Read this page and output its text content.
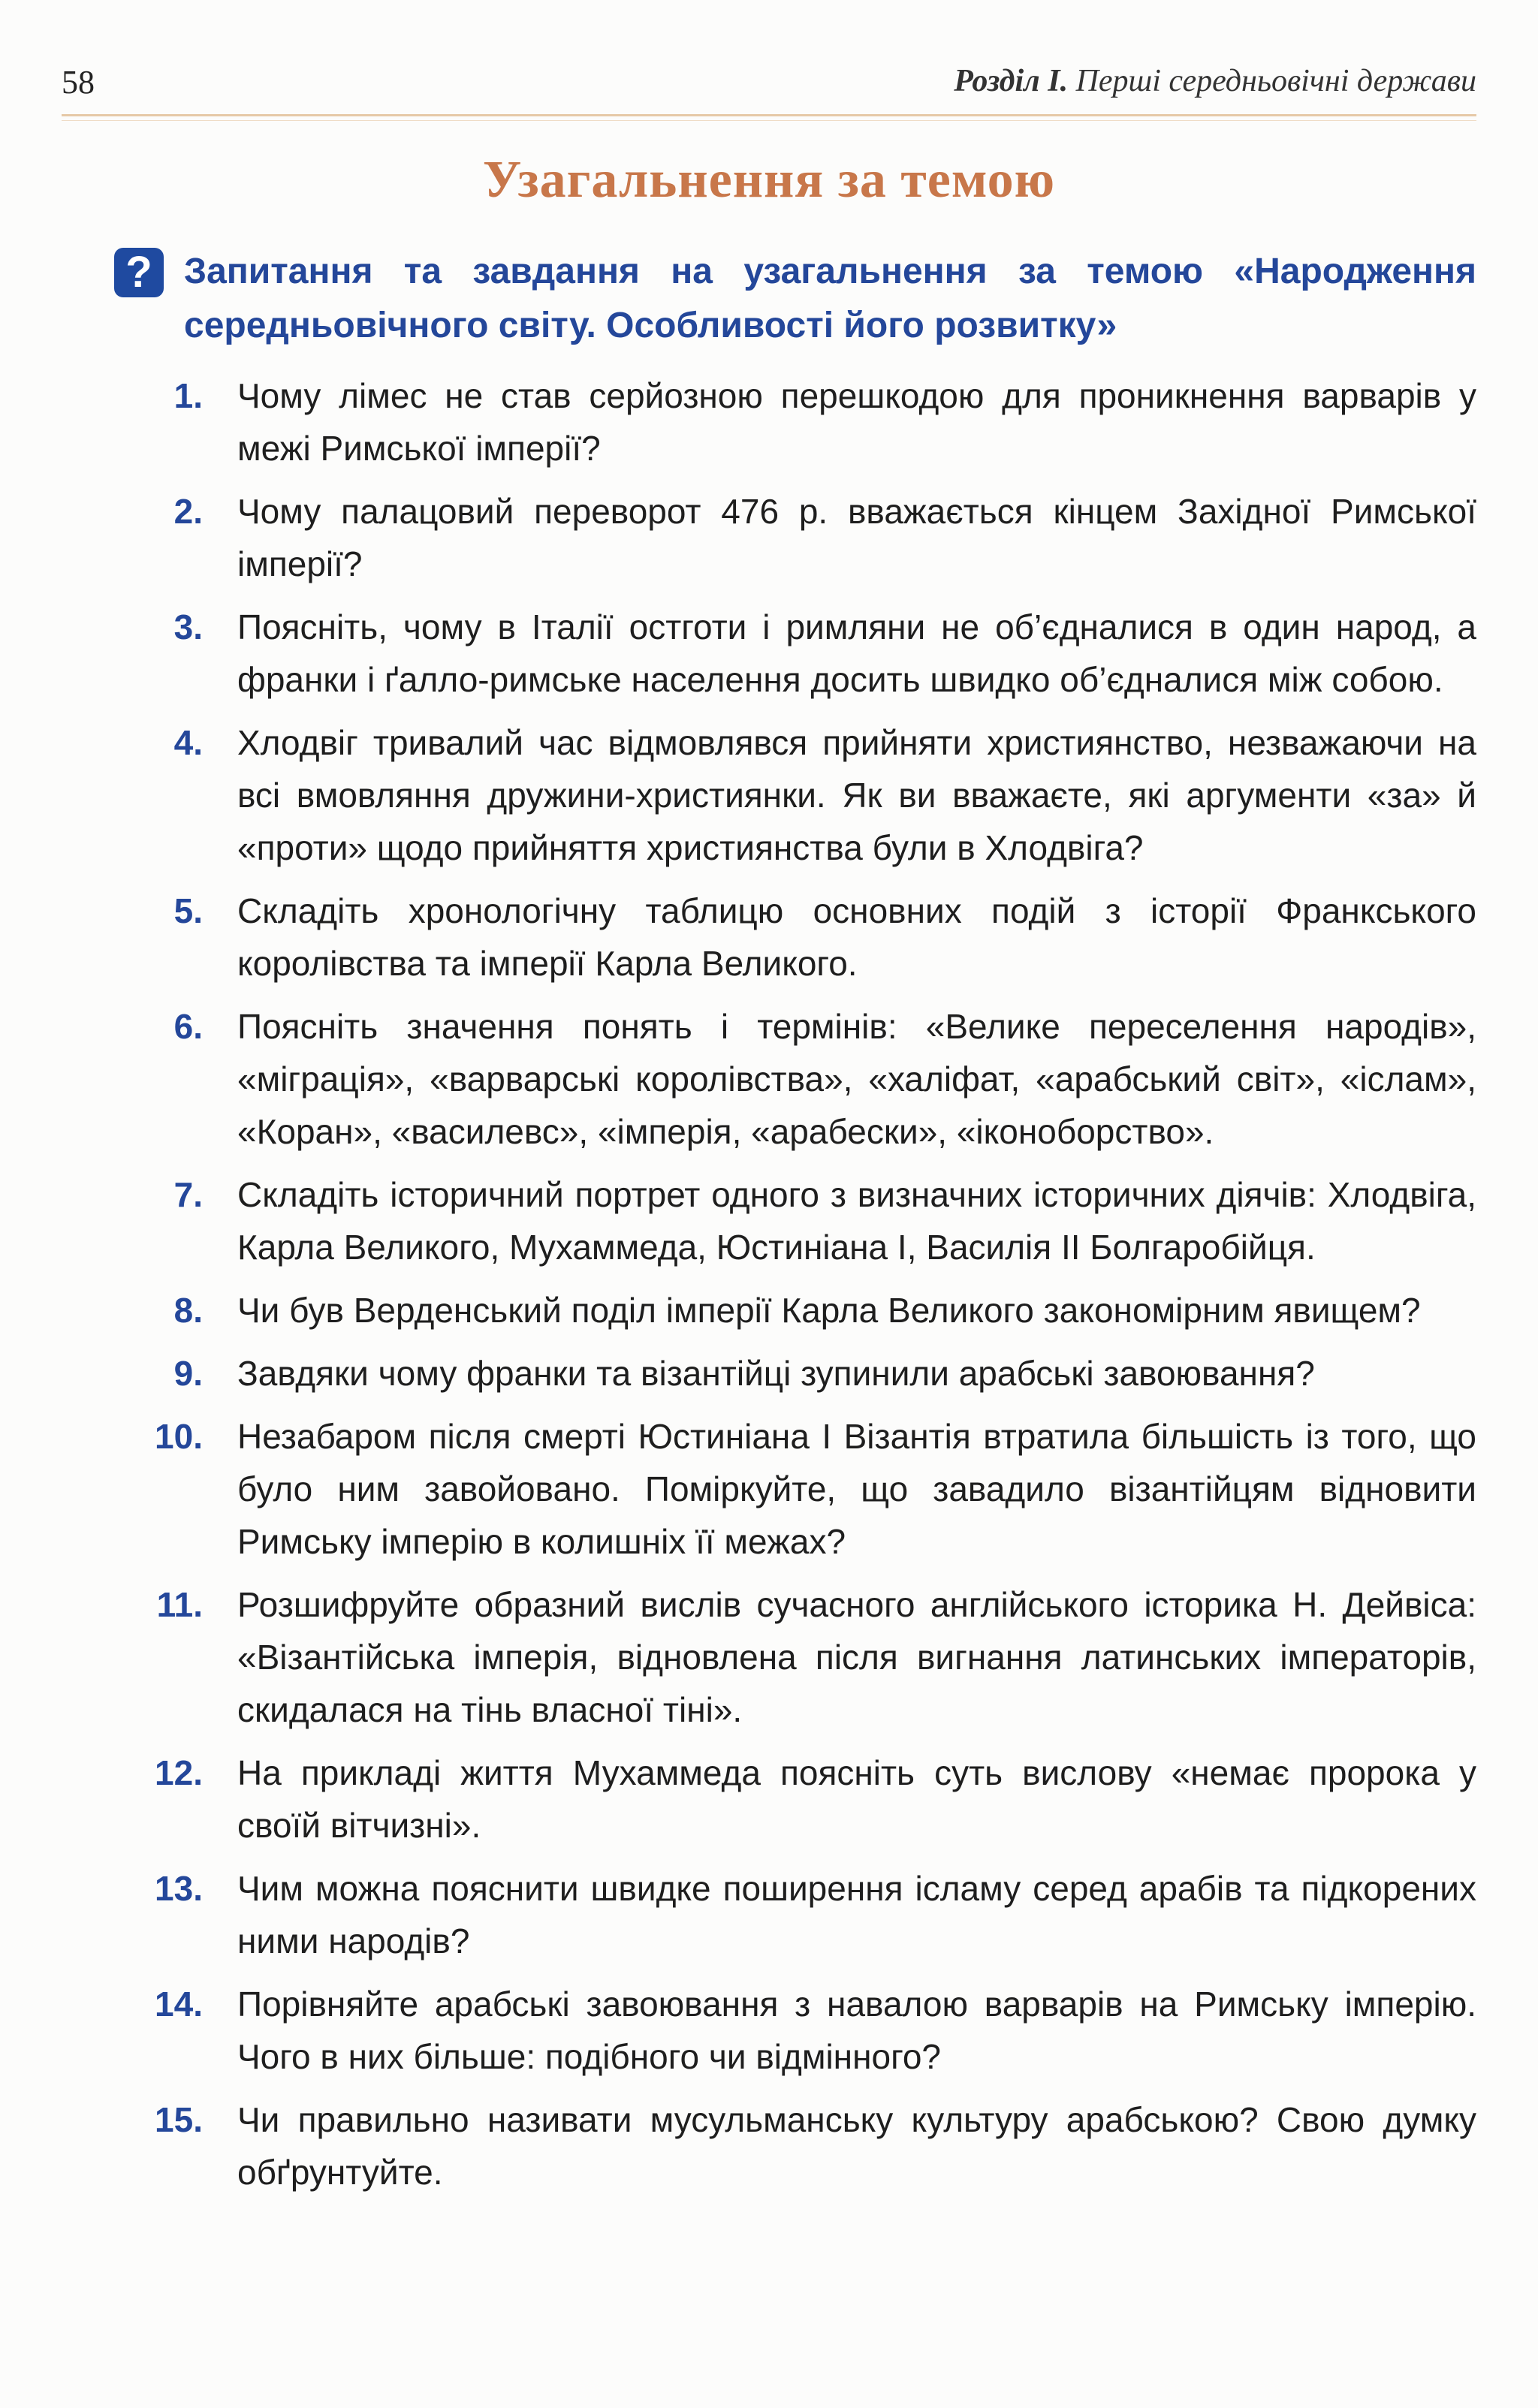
58	Розділ І. Перші середньовічні держави
Узагальнення за темою
? Запитання та завдання на узагальнення за темою «Народження середньовічного світу. Особливості його розвитку»
1. Чому лімес не став серйозною перешкодою для проникнення варварів у межі Римської імперії?
2. Чому палацовий переворот 476 р. вважається кінцем Західної Римської імперії?
3. Поясніть, чому в Італії остготи і римляни не об’єдналися в один народ, а франки і ґалло-римське населення досить швидко об’єдналися між собою.
4. Хлодвіг тривалий час відмовлявся прийняти християнство, незважаючи на всі вмовляння дружини-християнки. Як ви вважаєте, які аргументи «за» й «проти» щодо прийняття християнства були в Хлодвіга?
5. Складіть хронологічну таблицю основних подій з історії Франкського королівства та імперії Карла Великого.
6. Поясніть значення понять і термінів: «Велике переселення народів», «міграція», «варварські королівства», «халіфат, «арабський світ», «іслам», «Коран», «василевс», «імперія, «арабески», «іконоборство».
7. Складіть історичний портрет одного з визначних історичних діячів: Хлодвіга, Карла Великого, Мухаммеда, Юстиніана І, Василія ІІ Болгаробійця.
8. Чи був Верденський поділ імперії Карла Великого закономірним явищем?
9. Завдяки чому франки та візантійці зупинили арабські завоювання?
10. Незабаром після смерті Юстиніана І Візантія втратила більшість із того, що було ним завойовано. Поміркуйте, що завадило візантійцям відновити Римську імперію в колишніх її межах?
11. Розшифруйте образний вислів сучасного англійського історика Н. Дейвіса: «Візантійська імперія, відновлена після вигнання латинських імператорів, скидалася на тінь власної тіні».
12. На прикладі життя Мухаммеда поясніть суть вислову «немає пророка у своїй вітчизні».
13. Чим можна пояснити швидке поширення ісламу серед арабів та підкорених ними народів?
14. Порівняйте арабські завоювання з навалою варварів на Римську імперію. Чого в них більше: подібного чи відмінного?
15. Чи правильно називати мусульманську культуру арабською? Свою думку обґрунтуйте.
